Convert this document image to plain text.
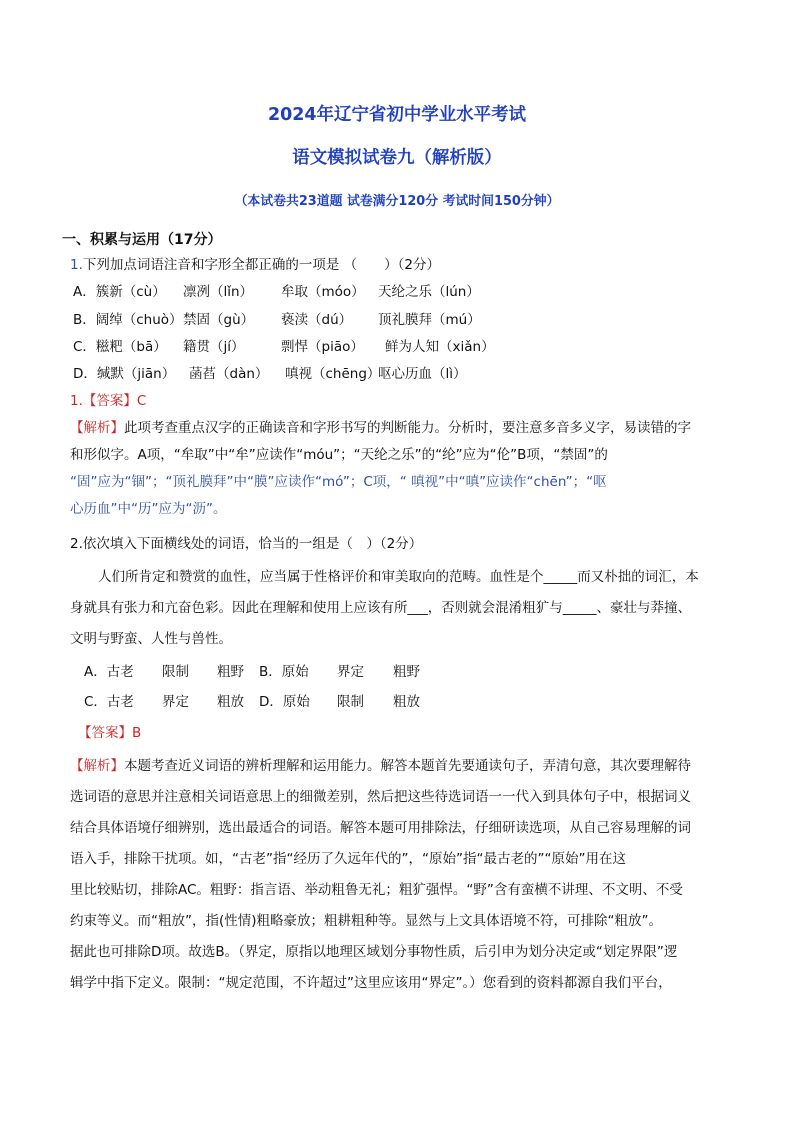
2024年辽宁省初中学业水平考试
语文模拟试卷九（解析版）
（本试卷共23道题 试卷满分120分 考试时间150分钟）
一、积累与运用（17分）
1.下列加点词语注音和字形全都正确的一项是 （　　）（2分）
A．簇新（cù） 凛冽（lǐn） 牟取（móo） 天纶之乐（lún）
B．阔绰（chuò） 禁固（gù） 亵渎（dú） 顶礼膜拜（mú）
C．糍粑（bā） 籍贯（jí）	剽悍（piāo） 鲜为人知（xiǎn）
D．缄默（jiān） 菡萏（dàn） 嗔视（chēng）
呕心历血（lì）
1.【答案】C
【解析】此项考查重点汉字的正确读音和字形书写的判断能力。分析时，要注意多音多义字，易读错的字
和形似字。A项，“牟取”中“牟”应读作“móu”；“天纶之乐”的“纶”应为“伦”B项，“禁固”的
“固”应为“锢”；“顶礼膜拜”中“膜”应读作“mó”；C项，“ 嗔视”中“嗔”应读作“chēn”；“呕
心历血”中“历”应为“沥”。
2.依次填入下面横线处的词语，恰当的一组是（　）（2分）
人们所肯定和赞赏的血性，应当属于性格评价和审美取向的范畴。血性是个_____而又朴拙的词汇，本
身就具有张力和亢奋色彩。因此在理解和使用上应该有所___，否则就会混淆粗犷与_____、豪壮与莽撞、
文明与野蛮、人性与兽性。
A．古老 限制 粗野 B．原始 界定 粗野
C．古老 界定 粗放 D．原始 限制 粗放
【答案】B
【解析】本题考查近义词语的辨析理解和运用能力。解答本题首先要通读句子，弄清句意，其次要理解待
选词语的意思并注意相关词语意思上的细微差别，然后把这些待选词语一一代入到具体句子中，根据词义
结合具体语境仔细辨别，选出最适合的词语。解答本题可用排除法，仔细研读选项，从自己容易理解的词
语入手，排除干扰项。如，“古老”指“经历了久远年代的”，“原始”指“最古老的”“原始”用在这
里比较贴切，排除AC。粗野：指言语、举动粗鲁无礼；粗犷强悍。“野”含有蛮横不讲理、不文明、不受
约束等义。而“粗放”，指(性情)粗略豪放；粗耕粗种等。显然与上文具体语境不符，可排除“粗放”。
据此也可排除D项。故选B。（界定，原指以地理区域划分事物性质，后引申为划分决定或“划定界限”逻
辑学中指下定义。限制：“规定范围，不许超过”这里应该用“界定”。）您看到的资料都源自我们平台，
